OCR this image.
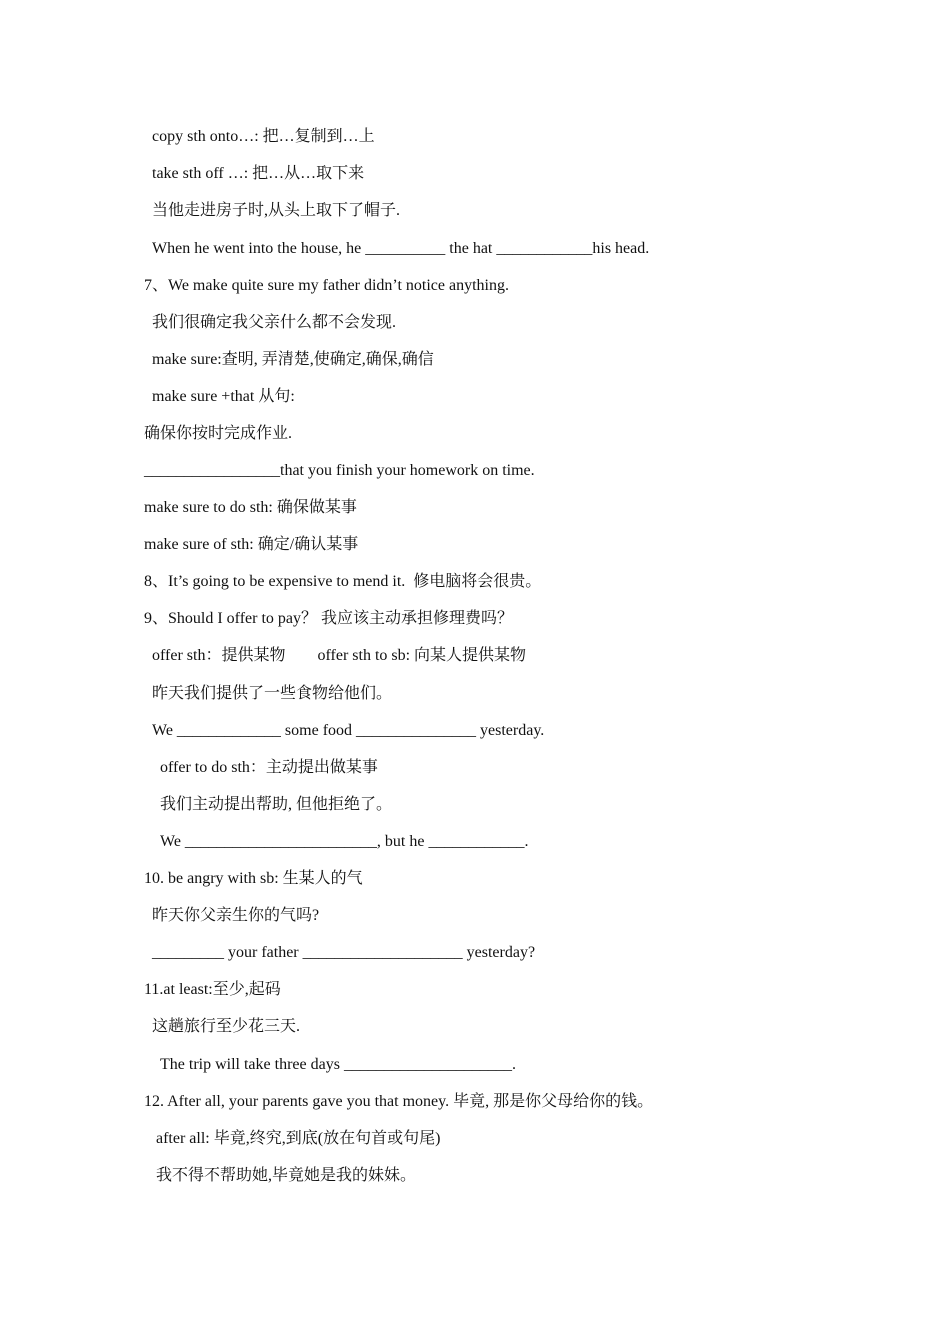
copy sth onto…: 把…复制到…上
take sth off …: 把…从…取下来
当他走进房子时,从头上取下了帽子.
When he went into the house, he __________ the hat ____________his head.
7、We make quite sure my father didn’t notice anything.
我们很确定我父亲什么都不会发现.
make sure:查明, 弄清楚,使确定,确保,确信
make sure +that 从句:
确保你按时完成作业.
_________________that you finish your homework on time.
make sure to do sth: 确保做某事
make sure of sth: 确定/确认某事
8、It’s going to be expensive to mend it.  修电脑将会很贵。
9、Should I offer to pay？ 我应该主动承担修理费吗？
offer sth：提供某物        offer sth to sb: 向某人提供某物
昨天我们提供了一些食物给他们。
We _____________ some food _______________ yesterday.
offer to do sth：主动提出做某事
我们主动提出帮助, 但他拒绝了。
We ________________________, but he ____________.
10. be angry with sb: 生某人的气
昨天你父亲生你的气吗?
_________ your father ____________________ yesterday?
11.at least:至少,起码
这趟旅行至少花三天.
The trip will take three days _____________________.
12. After all, your parents gave you that money. 毕竟, 那是你父母给你的钱。
after all: 毕竟,终究,到底(放在句首或句尾)
我不得不帮助她,毕竟她是我的妹妹。
